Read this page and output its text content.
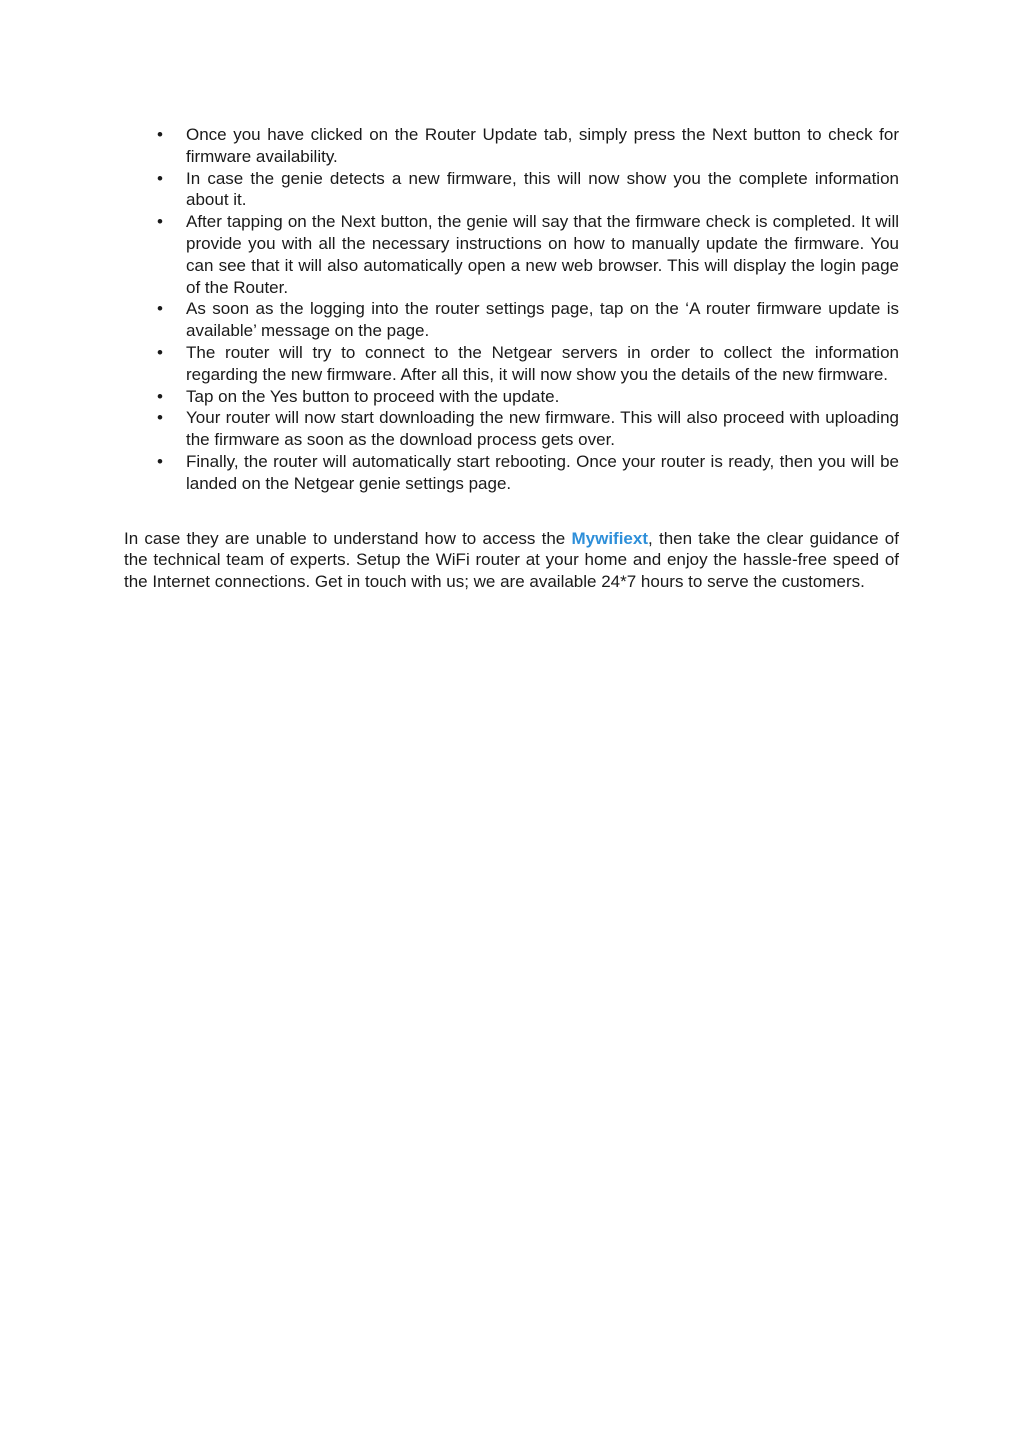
• Once you have clicked on the Router Update tab, simply press the Next button to check for firmware availability.
• In case the genie detects a new firmware, this will now show you the complete information about it.
• After tapping on the Next button, the genie will say that the firmware check is completed. It will provide you with all the necessary instructions on how to manually update the firmware. You can see that it will also automatically open a new web browser. This will display the login page of the Router.
• As soon as the logging into the router settings page, tap on the ‘A router firmware update is available’ message on the page.
• The router will try to connect to the Netgear servers in order to collect the information regarding the new firmware. After all this, it will now show you the details of the new firmware.
• Tap on the Yes button to proceed with the update.
• Your router will now start downloading the new firmware. This will also proceed with uploading the firmware as soon as the download process gets over.
• Finally, the router will automatically start rebooting. Once your router is ready, then you will be landed on the Netgear genie settings page.

In case they are unable to understand how to access the Mywifiext, then take the clear guidance of the technical team of experts. Setup the WiFi router at your home and enjoy the hassle-free speed of the Internet connections. Get in touch with us; we are available 24*7 hours to serve the customers.
